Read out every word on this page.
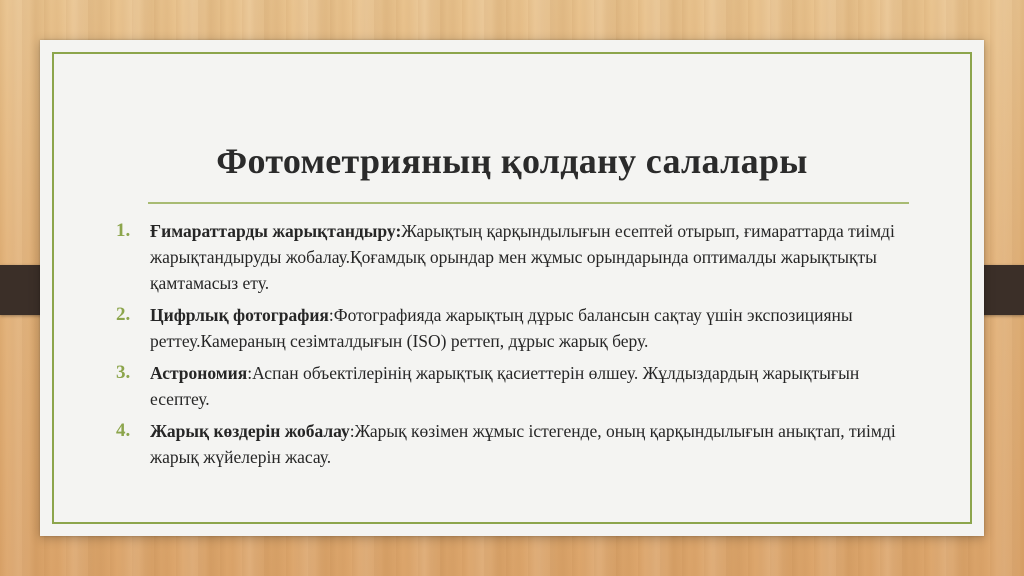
Фотометрияның қолдану салалары
1. Ғимараттарды жарықтандыру:Жарықтың қарқындылығын есептей отырып, ғимараттарда тиімді жарықтандыруды жобалау.Қоғамдық орындар мен жұмыс орындарында оптималды жарықтықты қамтамасыз ету.
2. Цифрлық фотография:Фотографияда жарықтың дұрыс балансын сақтау үшін экспозицияны реттеу.Камераның сезімталдығын (ISO) реттеп, дұрыс жарық беру.
3. Астрономия:Аспан объектілерінің жарықтық қасиеттерін өлшеу. Жұлдыздардың жарықтығын есептеу.
4. Жарық көздерін жобалау:Жарық көзімен жұмыс істегенде, оның қарқындылығын анықтап, тиімді жарық жүйелерін жасау.
